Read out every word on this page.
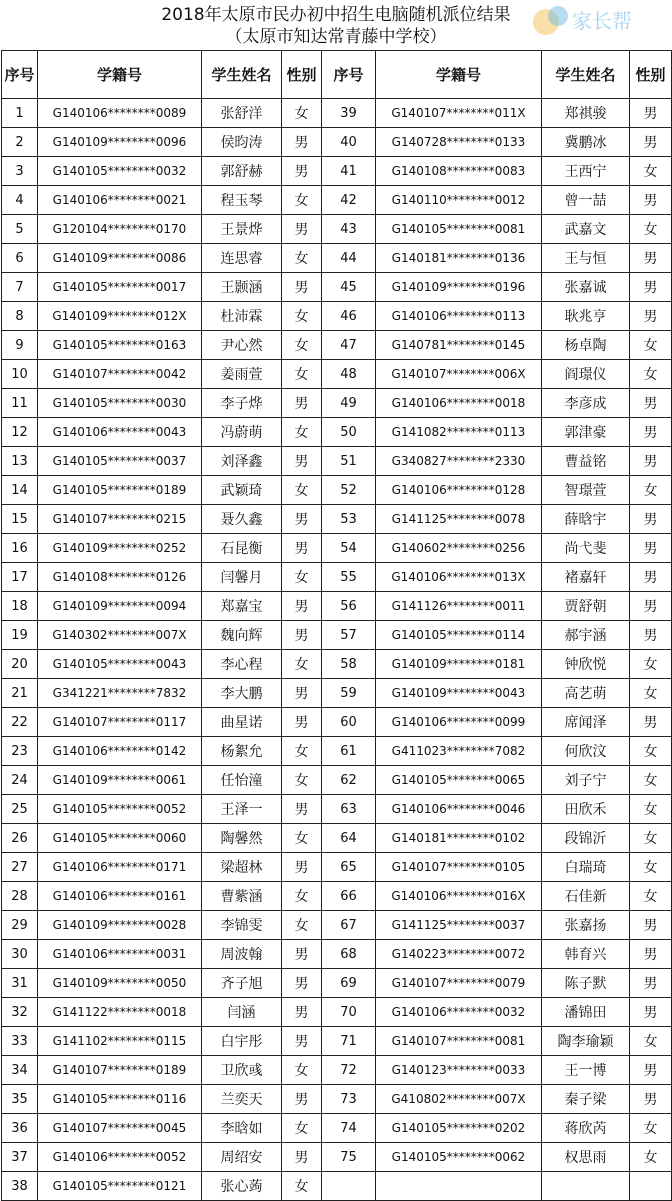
2018年太原市民办初中招生电脑随机派位结果
（太原市知达常青藤中学校）
家长帮
序号	学籍号	学生姓名	性别	序号	学籍号	学生姓名	性别
1	G140106********0089	张舒洋	女	39	G140107********011X	郑祺骏	男
2	G140109********0096	侯昀涛	男	40	G140728********0133	冀鹏冰	男
3	G140105********0032	郭舒赫	男	41	G140108********0083	王西宁	女
4	G140106********0021	程玉琴	女	42	G140110********0012	曾一喆	男
5	G120104********0170	王景烨	男	43	G140105********0081	武嘉文	女
6	G140109********0086	连思睿	女	44	G140181********0136	王与恒	男
7	G140105********0017	王颢涵	男	45	G140109********0196	张嘉诚	男
8	G140109********012X	杜沛霖	女	46	G140106********0113	耿兆亨	男
9	G140105********0163	尹心然	女	47	G140781********0145	杨卓陶	女
10	G140107********0042	姜雨萱	女	48	G140107********006X	阎璟仪	女
11	G140105********0030	李子烨	男	49	G140106********0018	李彦成	男
12	G140106********0043	冯蔚萌	女	50	G141082********0113	郭津豪	男
13	G140105********0037	刘泽鑫	男	51	G340827********2330	曹益铭	男
14	G140105********0189	武颖琦	女	52	G140106********0128	智璟萱	女
15	G140107********0215	聂久鑫	男	53	G141125********0078	薛晗宇	男
16	G140109********0252	石昆衡	男	54	G140602********0256	尚弋斐	男
17	G140108********0126	闫馨月	女	55	G140106********013X	褚嘉轩	男
18	G140109********0094	郑嘉宝	男	56	G141126********0011	贾舒朝	男
19	G140302********007X	魏向辉	男	57	G140105********0114	郝宇涵	男
20	G140105********0043	李心程	女	58	G140109********0181	钟欣悦	女
21	G341221********7832	李大鹏	男	59	G140109********0043	高艺萌	女
22	G140107********0117	曲星诺	男	60	G140106********0099	席闻泽	男
23	G140106********0142	杨絮允	女	61	G411023********7082	何欣汶	女
24	G140109********0061	任怡潼	女	62	G140105********0065	刘子宁	女
25	G140105********0052	王泽一	男	63	G140106********0046	田欣禾	女
26	G140105********0060	陶馨然	女	64	G140181********0102	段锦沂	女
27	G140106********0171	梁超林	男	65	G140107********0105	白瑞琦	女
28	G140106********0161	曹紫涵	女	66	G140106********016X	石佳新	女
29	G140109********0028	李锦雯	女	67	G141125********0037	张嘉扬	男
30	G140106********0031	周波翰	男	68	G140223********0072	韩育兴	男
31	G140109********0050	齐子旭	男	69	G140107********0079	陈子默	男
32	G141122********0018	闫涵	男	70	G140106********0032	潘锦田	男
33	G141102********0115	白宇彤	男	71	G140107********0081	陶李瑜颖	女
34	G140107********0189	卫欣彧	女	72	G140123********0033	王一博	男
35	G140105********0116	兰奕天	男	73	G410802********007X	秦子梁	男
36	G140107********0045	李晗如	女	74	G140105********0202	蒋欣芮	女
37	G140106********0052	周绍安	男	75	G140105********0062	权思雨	女
38	G140105********0121	张心蒟	女				
